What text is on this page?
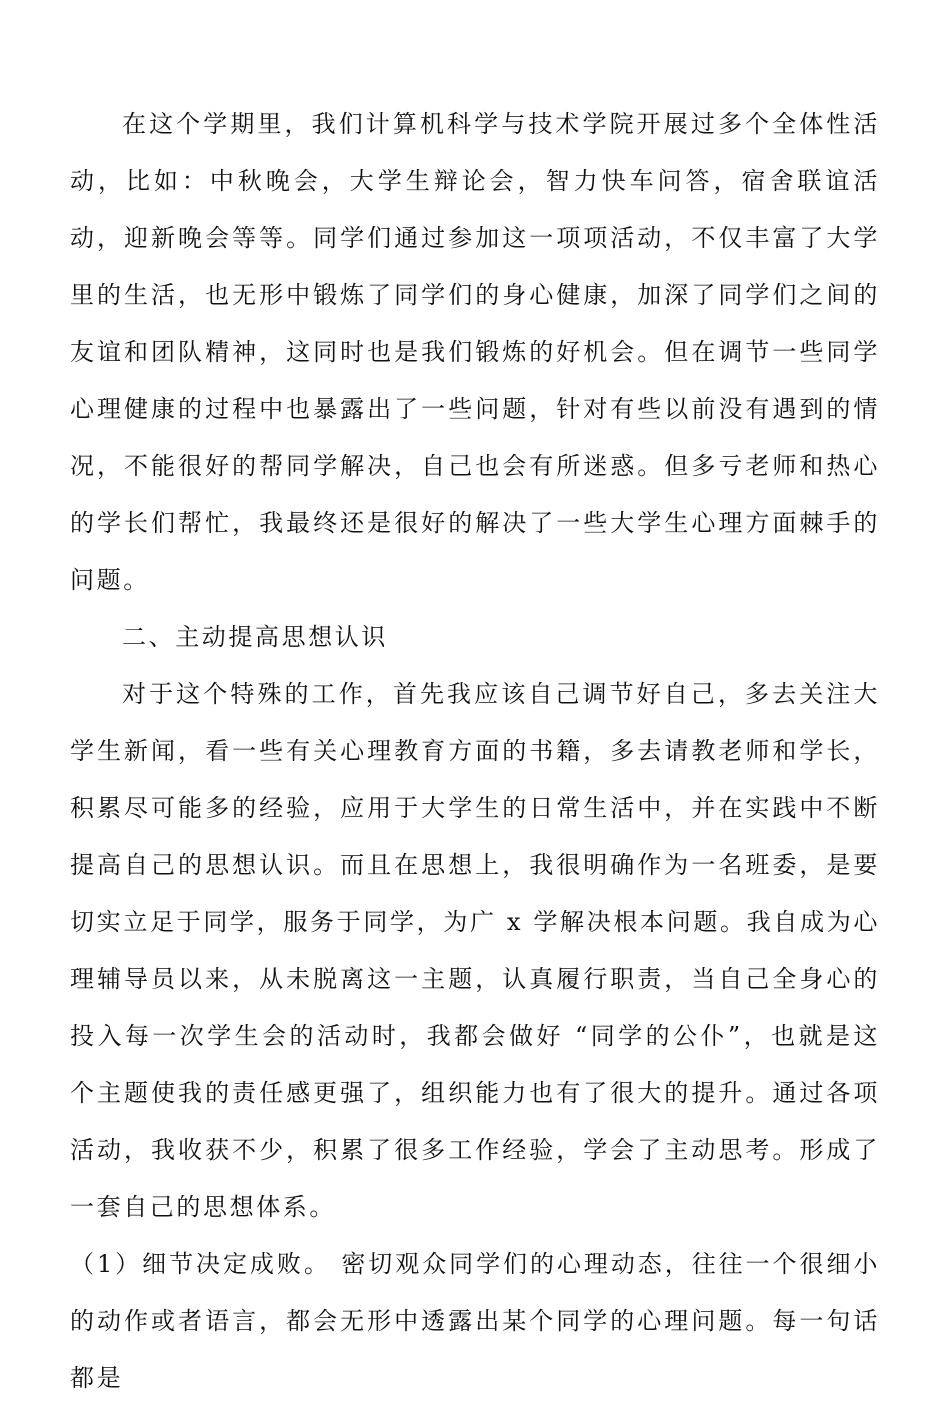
在这个学期里，我们计算机科学与技术学院开展过多个全体性活动，比如：中秋晚会，大学生辩论会，智力快车问答，宿舍联谊活动，迎新晚会等等。同学们通过参加这一项项活动，不仅丰富了大学里的生活，也无形中锻炼了同学们的身心健康，加深了同学们之间的友谊和团队精神，这同时也是我们锻炼的好机会。但在调节一些同学心理健康的过程中也暴露出了一些问题，针对有些以前没有遇到的情况，不能很好的帮同学解决，自己也会有所迷惑。但多亏老师和热心的学长们帮忙，我最终还是很好的解决了一些大学生心理方面棘手的问题。

二、主动提高思想认识

对于这个特殊的工作，首先我应该自己调节好自己，多去关注大学生新闻，看一些有关心理教育方面的书籍，多去请教老师和学长，积累尽可能多的经验，应用于大学生的日常生活中，并在实践中不断提高自己的思想认识。而且在思想上，我很明确作为一名班委，是要切实立足于同学，服务于同学，为广 x 学解决根本问题。我自成为心理辅导员以来，从未脱离这一主题，认真履行职责，当自己全身心的投入每一次学生会的活动时，我都会做好 “同学的公仆”，也就是这个主题使我的责任感更强了，组织能力也有了很大的提升。通过各项活动，我收获不少，积累了很多工作经验，学会了主动思考。形成了一套自己的思想体系。

（1）细节决定成败。 密切观众同学们的心理动态，往往一个很细小的动作或者语言，都会无形中透露出某个同学的心理问题。每一句话都是
